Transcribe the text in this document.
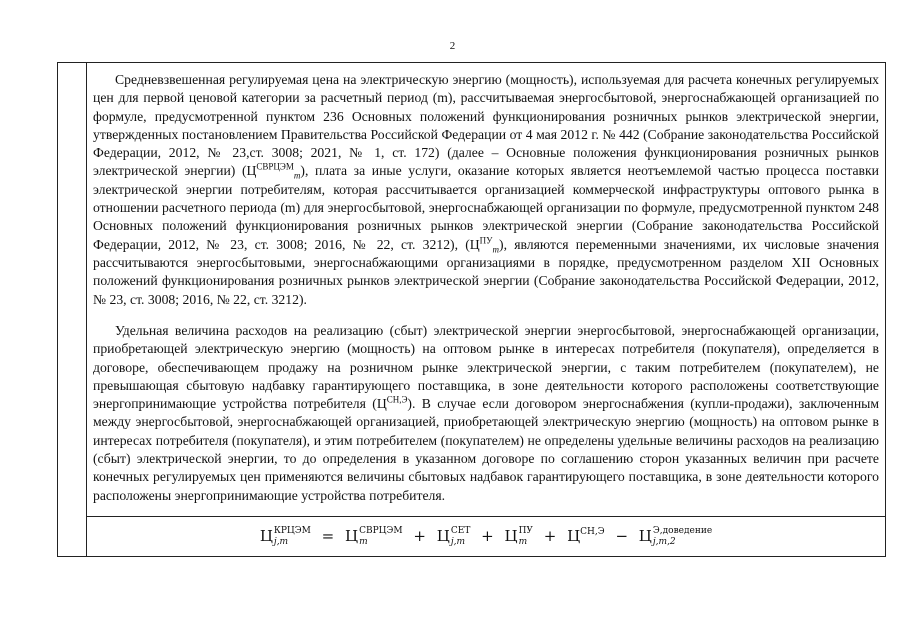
2

Средневзвешенная регулируемая цена на электрическую энергию (мощность), используемая для расчета конечных регулируемых цен для первой ценовой категории за расчетный период (m), рассчитываемая энергосбытовой, энергоснабжающей организацией по формуле, предусмотренной пунктом 236 Основных положений функционирования розничных рынков электрической энергии, утвержденных постановлением Правительства Российской Федерации от 4 мая 2012 г. № 442 (Собрание законодательства Российской Федерации, 2012, № 23,ст. 3008; 2021, № 1, ст. 172) (далее – Основные положения функционирования розничных рынков электрической энергии) $(Ц^{СВРЦЭМ}_m)$, плата за иные услуги, оказание которых является неотъемлемой частью процесса поставки электрической энергии потребителям, которая рассчитывается организацией коммерческой инфраструктуры оптового рынка в отношении расчетного периода (m) для энергосбытовой, энергоснабжающей организации по формуле, предусмотренной пунктом 248 Основных положений функционирования розничных рынков электрической энергии (Собрание законодательства Российской Федерации, 2012, № 23, ст. 3008; 2016, № 22, ст. 3212), $(Ц^{ПУ}_m)$, являются переменными значениями, их числовые значения рассчитываются энергосбытовыми, энергоснабжающими организациями в порядке, предусмотренном разделом XII Основных положений функционирования розничных рынков электрической энергии (Собрание законодательства Российской Федерации, 2012, № 23, ст. 3008; 2016, № 22, ст. 3212).

Удельная величина расходов на реализацию (сбыт) электрической энергии энергосбытовой, энергоснабжающей организации, приобретающей электрическую энергию (мощность) на оптовом рынке в интересах потребителя (покупателя), определяется в договоре, обеспечивающем продажу на розничном рынке электрической энергии, с таким потребителем (покупателем), не превышающая сбытовую надбавку гарантирующего поставщика, в зоне деятельности которого расположены соответствующие энергопринимающие устройства потребителя $(Ц^{СН,Э})$. В случае если договором энергоснабжения (купли-продажи), заключенным между энергосбытовой, энергоснабжающей организацией, приобретающей электрическую энергию (мощность) на оптовом рынке в интересах потребителя (покупателя), и этим потребителем (покупателем) не определены удельные величины расходов на реализацию (сбыт) электрической энергии, то до определения в указанном договоре по соглашению сторон указанных величин при расчете конечных регулируемых цен применяются величины сбытовых надбавок гарантирующего поставщика, в зоне деятельности которого расположены энергопринимающие устройства потребителя.

Ц КРЦЭМ
j,m	= Ц СВРЦЭМ
m	+ Ц СЕТ
j,m	+ Ц ПУ
m	+ $Ц^{СН,Э} - Ц$ Э,доведение
j,m,2
